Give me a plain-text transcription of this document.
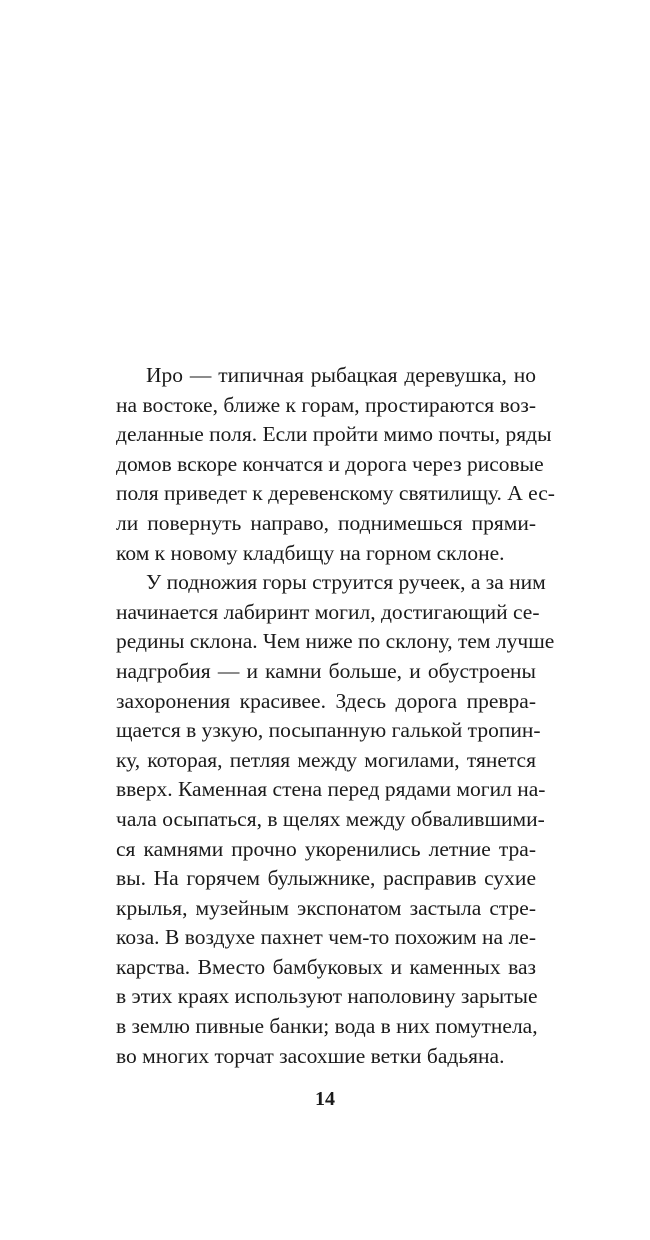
Иро — типичная рыбацкая деревушка, но
на востоке, ближе к горам, простираются воз-
деланные поля. Если пройти мимо почты, ряды
домов вскоре кончатся и дорога через рисовые
поля приведет к деревенскому святилищу. А ес-
ли повернуть направо, поднимешься прями-
ком к новому кладбищу на горном склоне.
У подножия горы струится ручеек, а за ним
начинается лабиринт могил, достигающий се-
редины склона. Чем ниже по склону, тем лучше
надгробия — и камни больше, и обустроены
захоронения красивее. Здесь дорога превра-
щается в узкую, посыпанную галькой тропин-
ку, которая, петляя между могилами, тянется
вверх. Каменная стена перед рядами могил на-
чала осыпаться, в щелях между обвалившими-
ся камнями прочно укоренились летние тра-
вы. На горячем булыжнике, расправив сухие
крылья, музейным экспонатом застыла стре-
коза. В воздухе пахнет чем-то похожим на ле-
карства. Вместо бамбуковых и каменных ваз
в этих краях используют наполовину зарытые
в землю пивные банки; вода в них помутнела,
во многих торчат засохшие ветки бадьяна.
14
